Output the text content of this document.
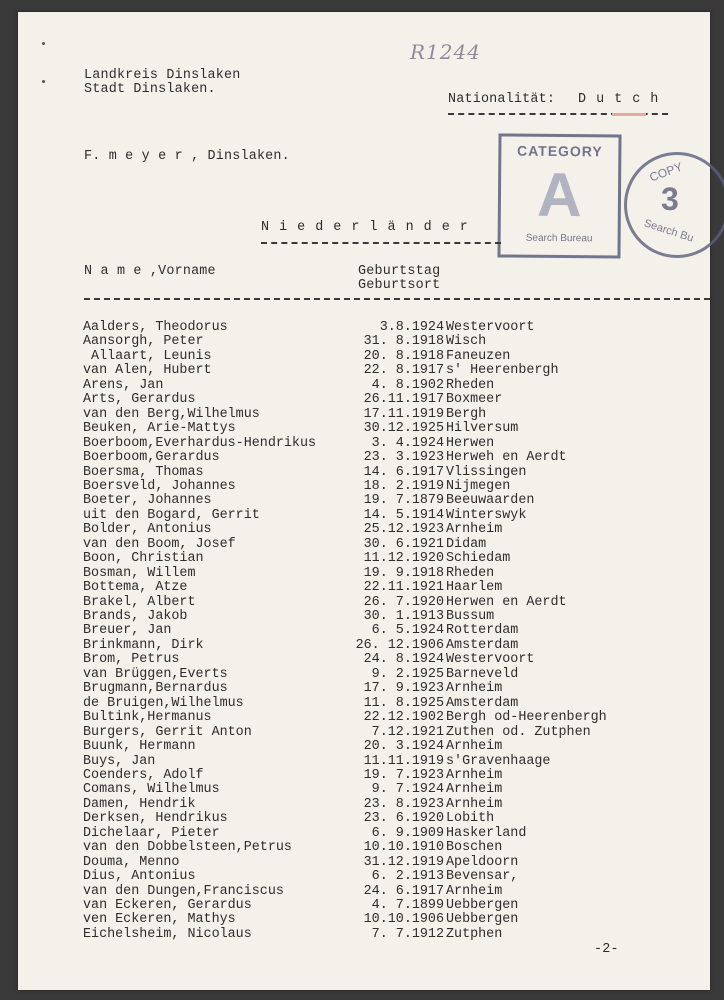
R1244
Landkreis Dinslaken
Stadt Dinslaken.
Nationalität: D u t c h
F. m e y e r , Dinslaken.	CATEGORY
A
Search Bureau
COPY
3
Search Bu
N i e d e r l ä n d e r
N a m e ,Vorname	Geburtstag
Geburtsort
Aalders, Theodorus	3.8.1924 Westervoort
Aansorgh, Peter	31. 8.1918 Wisch
Allaart, Leunis	20. 8.1918 Faneuzen
van Alen, Hubert	22. 8.1917 s' Heerenbergh
Arens, Jan	4. 8.1902 Rheden
Arts, Gerardus	26.11.1917 Boxmeer
van den Berg,Wilhelmus	17.11.1919 Bergh
Beuken, Arie-Mattys	30.12.1925 Hilversum
Boerboom,Everhardus-Hendrikus	3. 4.1924 Herwen
Boerboom,Gerardus	23. 3.1923 Herweh en Aerdt
Boersma, Thomas	14. 6.1917 Vlissingen
Boersveld, Johannes	18. 2.1919 Nijmegen
Boeter, Johannes	19. 7.1879 Beeuwaarden
uit den Bogard, Gerrit	14. 5.1914 Winterswyk
Bolder, Antonius	25.12.1923 Arnheim
van den Boom, Josef	30. 6.1921 Didam
Boon, Christian	11.12.1920 Schiedam
Bosman, Willem	19. 9.1918 Rheden
Bottema, Atze	22.11.1921 Haarlem
Brakel, Albert	26. 7.1920 Herwen en Aerdt
Brands, Jakob	30. 1.1913 Bussum
Breuer, Jan	6. 5.1924 Rotterdam
Brinkmann, Dirk	26. 12.1906 Amsterdam
Brom, Petrus	24. 8.1924 Westervoort
van Brüggen,Everts	9. 2.1925 Barneveld
Brugmann,Bernardus	17. 9.1923 Arnheim
de Bruigen,Wilhelmus	11. 8.1925 Amsterdam
Bultink,Hermanus	22.12.1902 Bergh od-Heerenbergh
Burgers, Gerrit Anton	7.12.1921 Zuthen od. Zutphen
Buunk, Hermann	20. 3.1924 Arnheim
Buys, Jan	11.11.1919 s'Gravenhaage
Coenders, Adolf	19. 7.1923 Arnheim
Comans, Wilhelmus	9. 7.1924 Arnheim
Damen, Hendrik	23. 8.1923 Arnheim
Derksen, Hendrikus	23. 6.1920 Lobith
Dichelaar, Pieter	6. 9.1909 Haskerland
van den Dobbelsteen,Petrus	10.10.1910 Boschen
Douma, Menno	31.12.1919 Apeldoorn
Dius, Antonius	6. 2.1913 Bevensar,
van den Dungen,Franciscus	24. 6.1917 Arnheim
van Eckeren, Gerardus	4. 7.1899 Uebbergen
ven Eckeren, Mathys	10.10.1906 Uebbergen
Eichelsheim, Nicolaus	7. 7.1912 Zutphen
-2-
